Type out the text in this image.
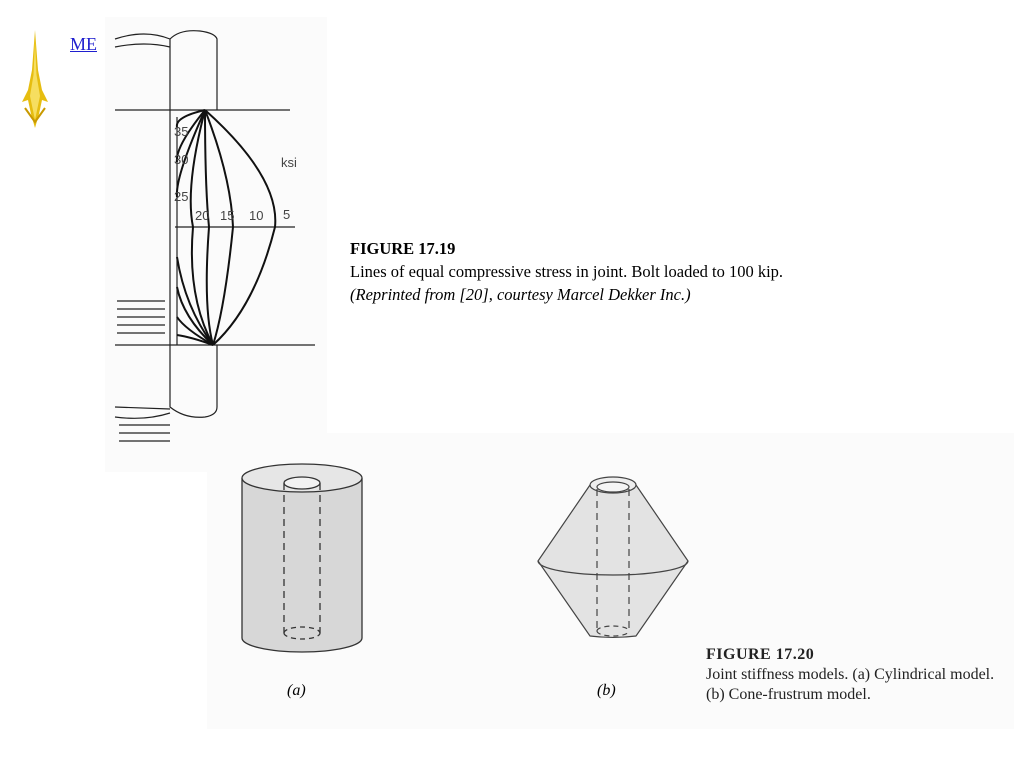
ME
35
30
25
20 15 10 5
ksi
FIGURE 17.19
Lines of equal compressive stress in joint. Bolt loaded to 100 kip. (Reprinted from [20], courtesy Marcel Dekker Inc.)
(a)	(b)
FIGURE 17.20
Joint stiffness models. (a) Cylindrical model. (b) Cone-frustrum model.
